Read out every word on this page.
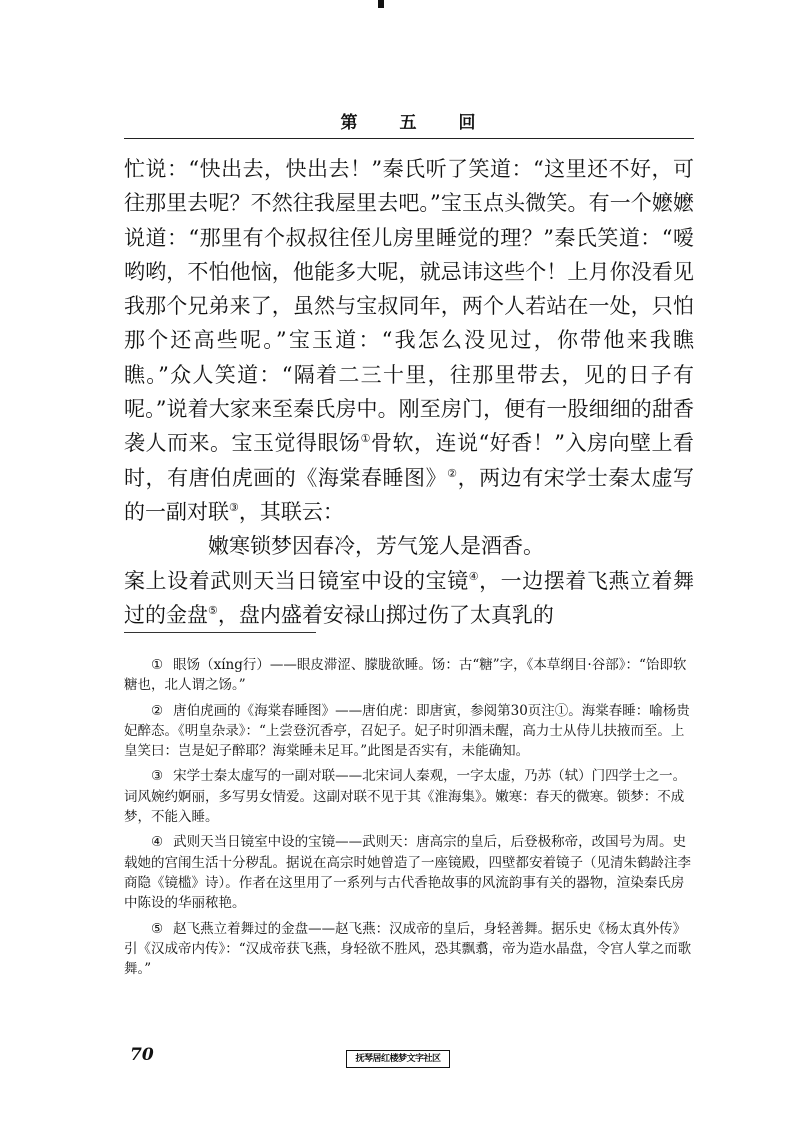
第 五 回

忙说：“快出去，快出去！”秦氏听了笑道：“这里还不好，可往那里去呢？不然往我屋里去吧。”宝玉点头微笑。有一个嬷嬷说道：“那里有个叔叔往侄儿房里睡觉的理？”秦氏笑道：“嗳哟哟，不怕他恼，他能多大呢，就忌讳这些个！上月你没看见我那个兄弟来了，虽然与宝叔同年，两个人若站在一处，只怕那个还高些呢。”宝玉道：“我怎么没见过，你带他来我瞧瞧。”众人笑道：“隔着二三十里，往那里带去，见的日子有呢。”说着大家来至秦氏房中。刚至房门，便有一股细细的甜香袭人而来。宝玉觉得眼饧①骨软，连说“好香！”入房向壁上看时，有唐伯虎画的《海棠春睡图》②，两边有宋学士秦太虚写的一副对联③，其联云：

嫩寒锁梦因春冷，芳气笼人是酒香。

案上设着武则天当日镜室中设的宝镜④，一边摆着飞燕立着舞过的金盘⑤，盘内盛着安禄山掷过伤了太真乳的

① 眼饧（xíng行）——眼皮滞涩、朦胧欲睡。饧：古“糖”字，《本草纲目·谷部》：“饴即软糖也，北人谓之饧。”

② 唐伯虎画的《海棠春睡图》——唐伯虎：即唐寅，参阅第30页注①。海棠春睡：喻杨贵妃醉态。《明皇杂录》：“上尝登沉香亭，召妃子。妃子时卯酒未醒，高力士从侍儿扶掖而至。上皇笑曰：岂是妃子醉耶？海棠睡未足耳。”此图是否实有，未能确知。

③ 宋学士秦太虚写的一副对联——北宋词人秦观，一字太虚，乃苏（轼）门四学士之一。词风婉约婀丽，多写男女情爱。这副对联不见于其《淮海集》。嫩寒：春天的微寒。锁梦：不成梦，不能入睡。

④ 武则天当日镜室中设的宝镜——武则天：唐高宗的皇后，后登极称帝，改国号为周。史载她的宫闱生活十分秽乱。据说在高宗时她曾造了一座镜殿，四壁都安着镜子（见清朱鹤龄注李商隐《镜槛》诗）。作者在这里用了一系列与古代香艳故事的风流韵事有关的器物，渲染秦氏房中陈设的华丽秾艳。

⑤ 赵飞燕立着舞过的金盘——赵飞燕：汉成帝的皇后，身轻善舞。据乐史《杨太真外传》引《汉成帝内传》：“汉成帝获飞燕，身轻欲不胜风，恐其飘翥，帝为造水晶盘，令宫人掌之而歌舞。”

70	抚琴居红楼梦文字社区
